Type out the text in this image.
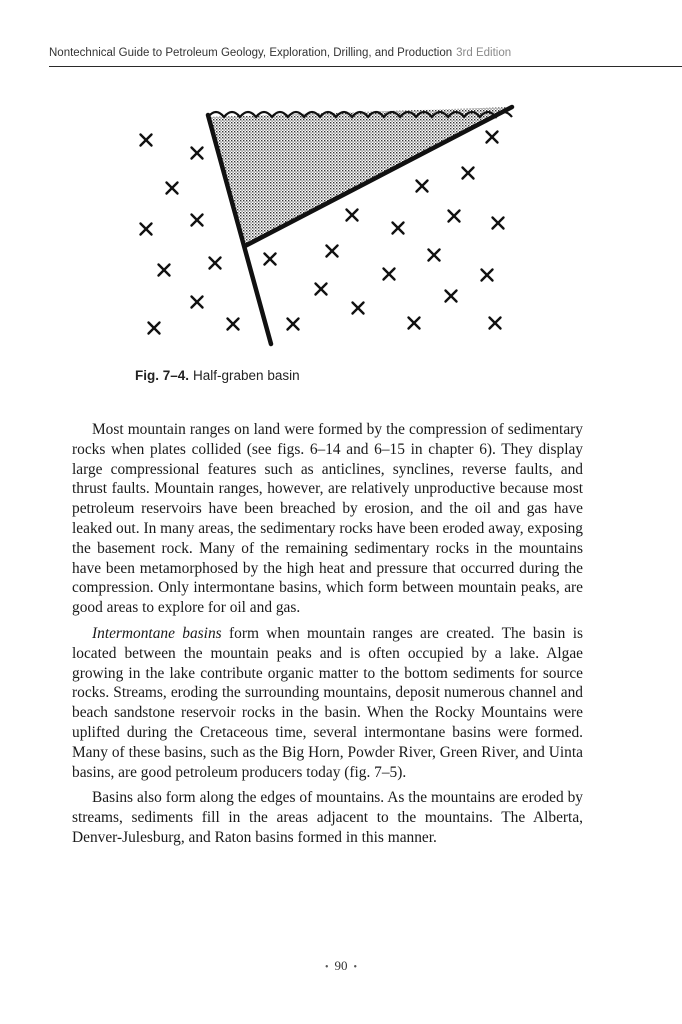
Nontechnical Guide to Petroleum Geology, Exploration, Drilling, and Production 3rd Edition
Fig. 7–4. Half-graben basin

Most mountain ranges on land were formed by the compression of sedimentary rocks when plates collided (see figs. 6–14 and 6–15 in chapter 6). They display large compressional features such as anticlines, synclines, reverse faults, and thrust faults. Mountain ranges, however, are relatively unproductive because most petroleum reservoirs have been breached by erosion, and the oil and gas have leaked out. In many areas, the sedimentary rocks have been eroded away, exposing the basement rock. Many of the remaining sedimentary rocks in the mountains have been metamorphosed by the high heat and pressure that occurred during the compression. Only intermontane basins, which form between mountain peaks, are good areas to explore for oil and gas.

Intermontane basins form when mountain ranges are created. The basin is located between the mountain peaks and is often occupied by a lake. Algae growing in the lake contribute organic matter to the bottom sediments for source rocks. Streams, eroding the surrounding mountains, deposit numerous channel and beach sandstone reservoir rocks in the basin. When the Rocky Mountains were uplifted during the Cretaceous time, several intermontane basins were formed. Many of these basins, such as the Big Horn, Powder River, Green River, and Uinta basins, are good petroleum producers today (fig. 7–5).

Basins also form along the edges of mountains. As the mountains are eroded by streams, sediments fill in the areas adjacent to the mountains. The Alberta, Denver-Julesburg, and Raton basins formed in this manner.

• 90 •
